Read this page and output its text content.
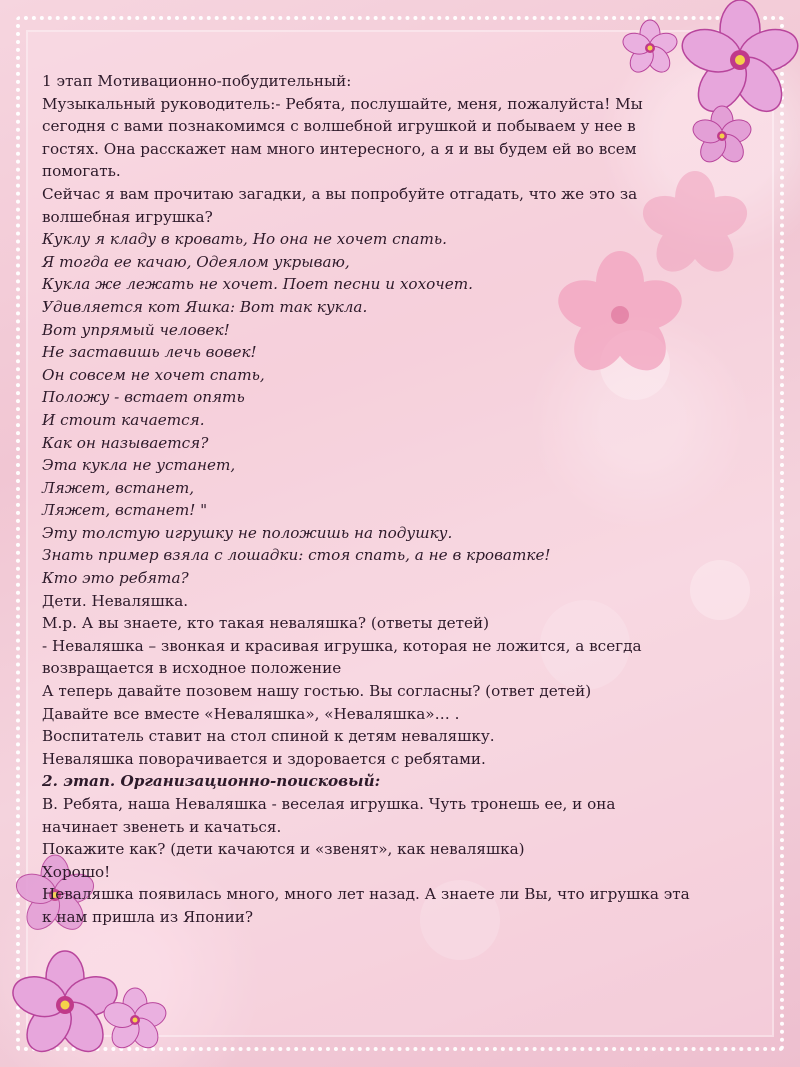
1 этап Мотивационно-побудительный:

Музыкальный руководитель:- Ребята, послушайте, меня, пожалуйста! Мы

сегодня с вами познакомимся с волшебной игрушкой и побываем у нее в

гостях. Она расскажет нам много интересного, а я и вы будем ей во всем

помогать.

Сейчас я вам прочитаю загадки, а вы попробуйте отгадать, что же это за

волшебная игрушка?

Куклу я кладу в кровать, Но она не хочет спать.

Я тогда ее качаю, Одеялом укрываю,

Кукла же лежать не хочет. Поет песни и хохочет.

Удивляется кот Яшка: Вот так кукла.

Вот упрямый человек!

Не заставишь лечь вовек!

Он совсем не хочет спать,

Положу - встает опять

И стоит качается.

Как он называется?

Эта кукла не устанет,

Ляжет, встанет,

Ляжет, встанет! "

Эту толстую игрушку не положишь на подушку.

Знать пример взяла с лошадки: стоя спать, а не в кроватке!

Кто это ребята?

Дети. Неваляшка.

М.р. А вы знаете, кто такая неваляшка? (ответы детей)

- Неваляшка – звонкая и красивая игрушка, которая не ложится, а всегда

возвращается в исходное положение

А теперь давайте позовем нашу гостью. Вы согласны? (ответ детей)

Давайте все вместе «Неваляшка», «Неваляшка»… .

Воспитатель ставит на стол спиной к детям неваляшку.

Неваляшка поворачивается и здоровается с ребятами.

2. этап. Организационно-поисковый:

В. Ребята, наша Неваляшка - веселая игрушка. Чуть тронешь ее, и она

начинает звенеть и качаться.

Покажите как? (дети качаются и «звенят», как неваляшка)

Хорошо!

Неваляшка появилась много, много лет назад. А знаете ли Вы, что игрушка эта

к нам пришла из Японии?
